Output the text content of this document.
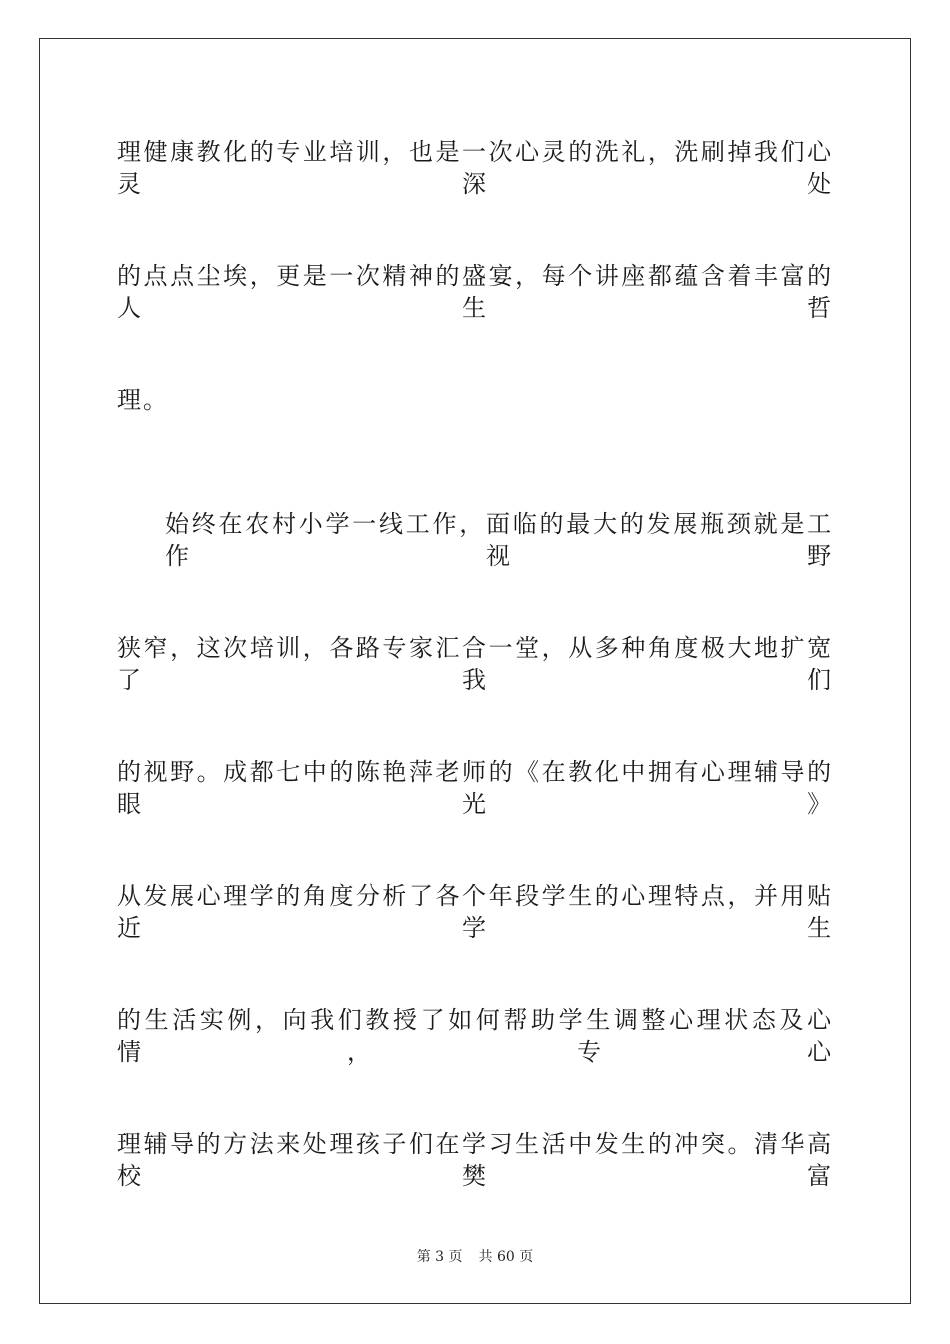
理健康教化的专业培训，也是一次心灵的洗礼，洗刷掉我们心灵深处
的点点尘埃，更是一次精神的盛宴，每个讲座都蕴含着丰富的人生哲
理。
始终在农村小学一线工作，面临的最大的发展瓶颈就是工作视野
狭窄，这次培训，各路专家汇合一堂，从多种角度极大地扩宽了我们
的视野。成都七中的陈艳萍老师的《在教化中拥有心理辅导的眼光》
从发展心理学的角度分析了各个年段学生的心理特点，并用贴近学生
的生活实例，向我们教授了如何帮助学生调整心理状态及心情，专心
理辅导的方法来处理孩子们在学习生活中发生的冲突。清华高校樊富
第 3 页 共 60 页
